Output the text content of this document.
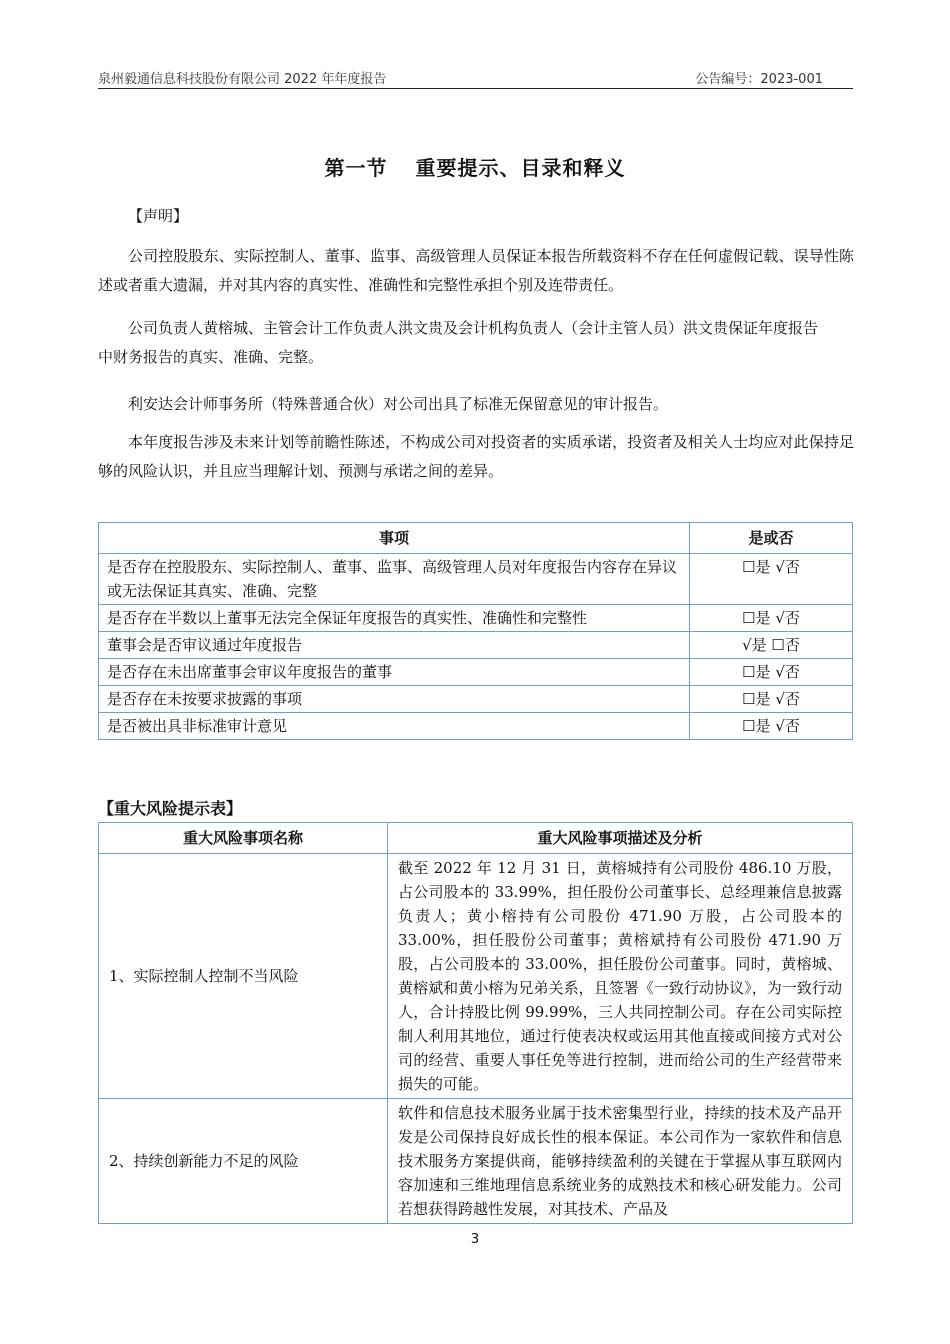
泉州毅通信息科技股份有限公司 2022 年年度报告	公告编号：2023-001
第一节 重要提示、目录和释义
【声明】
公司控股股东、实际控制人、董事、监事、高级管理人员保证本报告所载资料不存在任何虚假记载、误导性陈述或者重大遗漏，并对其内容的真实性、准确性和完整性承担个别及连带责任。
公司负责人黄榕城、主管会计工作负责人洪文贵及会计机构负责人（会计主管人员）洪文贵保证年度报告中财务报告的真实、准确、完整。
利安达会计师事务所（特殊普通合伙）对公司出具了标准无保留意见的审计报告。
本年度报告涉及未来计划等前瞻性陈述，不构成公司对投资者的实质承诺，投资者及相关人士均应对此保持足够的风险认识，并且应当理解计划、预测与承诺之间的差异。
事项	是或否
是否存在控股股东、实际控制人、董事、监事、高级管理人员对年度报告内容存在异议或无法保证其真实、准确、完整	☐是 √否
是否存在半数以上董事无法完全保证年度报告的真实性、准确性和完整性	☐是 √否
董事会是否审议通过年度报告	√是 ☐否
是否存在未出席董事会审议年度报告的董事	☐是 √否
是否存在未按要求披露的事项	☐是 √否
是否被出具非标准审计意见	☐是 √否
【重大风险提示表】
重大风险事项名称	重大风险事项描述及分析
1、实际控制人控制不当风险	截至 2022 年 12 月 31 日，黄榕城持有公司股份 486.10 万股，占公司股本的 33.99%，担任股份公司董事长、总经理兼信息披露负责人；黄小榕持有公司股份 471.90 万股，占公司股本的 33.00%，担任股份公司董事；黄榕斌持有公司股份 471.90 万股，占公司股本的 33.00%，担任股份公司董事。同时，黄榕城、黄榕斌和黄小榕为兄弟关系，且签署《一致行动协议》，为一致行动人，合计持股比例 99.99%，三人共同控制公司。存在公司实际控制人利用其地位，通过行使表决权或运用其他直接或间接方式对公司的经营、重要人事任免等进行控制，进而给公司的生产经营带来损失的可能。
2、持续创新能力不足的风险	软件和信息技术服务业属于技术密集型行业，持续的技术及产品开发是公司保持良好成长性的根本保证。本公司作为一家软件和信息技术服务方案提供商，能够持续盈利的关键在于掌握从事互联网内容加速和三维地理信息系统业务的成熟技术和核心研发能力。公司若想获得跨越性发展，对其技术、产品及
3
